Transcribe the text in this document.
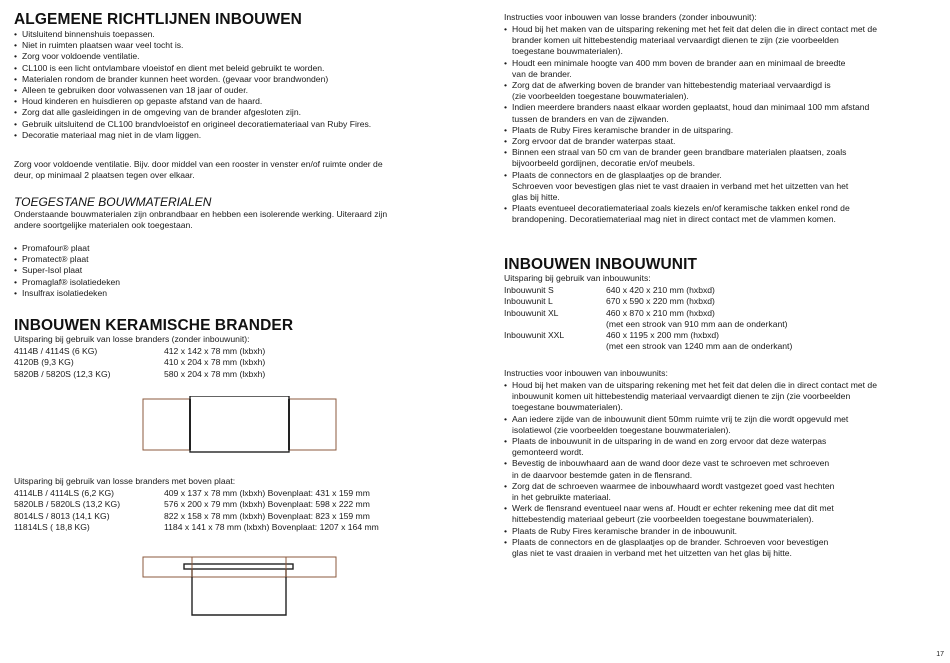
ALGEMENE RICHTLIJNEN INBOUWEN
• Uitsluitend binnenshuis toepassen.
• Niet in ruimten plaatsen waar veel tocht is.
• Zorg voor voldoende ventilatie.
• CL100 is een licht ontvlambare vloeistof en dient met beleid gebruikt te worden.
• Materialen rondom de brander kunnen heet worden. (gevaar voor brandwonden)
• Alleen te gebruiken door volwassenen van 18 jaar of ouder.
• Houd kinderen en huisdieren op gepaste afstand van de haard.
• Zorg dat alle gasleidingen in de omgeving van de brander afgesloten zijn.
• Gebruik uitsluitend de CL100 brandvloeistof en origineel decoratiemateriaal van Ruby Fires.
• Decoratie materiaal mag niet in de vlam liggen.
Zorg voor voldoende ventilatie. Bijv. door middel van een rooster in venster en/of ruimte onder de
deur, op minimaal 2 plaatsen tegen over elkaar.
TOEGESTANE BOUWMATERIALEN
Onderstaande bouwmaterialen zijn onbrandbaar en hebben een isolerende werking. Uiteraard zijn
andere soortgelijke materialen ook toegestaan.
• Promafour® plaat
• Promatect® plaat
• Super-Isol plaat
• Promaglaf® isolatiedeken
• Insulfrax isolatiedeken
INBOUWEN KERAMISCHE BRANDER
Uitsparing bij gebruik van losse branders (zonder inbouwunit):
4114B / 4114S (6 KG)	412 x 142 x 78 mm (lxbxh)
4120B (9,3 KG)	410 x 204 x 78 mm (lxbxh)
5820B / 5820S (12,3 KG)	580 x 204 x 78 mm (lxbxh)
Uitsparing bij gebruik van losse branders met boven plaat:
4114LB / 4114LS (6,2 KG)	409 x 137 x 78 mm (lxbxh) Bovenplaat: 431 x 159 mm
5820LB / 5820LS (13,2 KG)	576 x 200 x 79 mm (lxbxh) Bovenplaat: 598 x 222 mm
8014LS / 8013 (14,1 KG)	822 x 158 x 78 mm (lxbxh) Bovenplaat: 823 x 159 mm
11814LS ( 18,8 KG)	1184 x 141 x 78 mm (lxbxh) Bovenplaat: 1207 x 164 mm
Instructies voor inbouwen van losse branders (zonder inbouwunit):
• Houd bij het maken van de uitsparing rekening met het feit dat delen die in direct contact met de
brander komen uit hittebestendig materiaal vervaardigt dienen te zijn (zie voorbeelden
toegestane bouwmaterialen).
• Houdt een minimale hoogte van 400 mm boven de brander aan en minimaal de breedte
van de brander.
• Zorg dat de afwerking boven de brander van hittebestendig materiaal vervaardigd is
(zie voorbeelden toegestane bouwmaterialen).
• Indien meerdere branders naast elkaar worden geplaatst, houd dan minimaal 100 mm afstand
tussen de branders en van de zijwanden.
• Plaats de Ruby Fires keramische brander in de uitsparing.
• Zorg ervoor dat de brander waterpas staat.
• Binnen een straal van 50 cm van de brander geen brandbare materialen plaatsen, zoals
bijvoorbeeld gordijnen, decoratie en/of meubels.
• Plaats de connectors en de glasplaatjes op de brander.
Schroeven voor bevestigen glas niet te vast draaien in verband met het uitzetten van het
glas bij hitte.
• Plaats eventueel decoratiemateriaal zoals kiezels en/of keramische takken enkel rond de
brandopening. Decoratiemateriaal mag niet in direct contact met de vlammen komen.
INBOUWEN INBOUWUNIT
Uitsparing bij gebruik van inbouwunits:
Inbouwunit S	640 x 420 x 210 mm (hxbxd)
Inbouwunit L	670 x 590 x 220 mm (hxbxd)
Inbouwunit XL	460 x 870 x 210 mm (hxbxd)
	(met een strook van 910 mm aan de onderkant)
Inbouwunit XXL	460 x 1195 x 200 mm (hxbxd)
	(met een strook van 1240 mm aan de onderkant)
Instructies voor inbouwen van inbouwunits:
• Houd bij het maken van de uitsparing rekening met het feit dat delen die in direct contact met de
inbouwunit komen uit hittebestendig materiaal vervaardigt dienen te zijn (zie voorbeelden
toegestane bouwmaterialen).
• Aan iedere zijde van de inbouwunit dient 50mm ruimte vrij te zijn die wordt opgevuld met
isolatiewol (zie voorbeelden toegestane bouwmaterialen).
• Plaats de inbouwunit in de uitsparing in de wand en zorg ervoor dat deze waterpas
gemonteerd wordt.
• Bevestig de inbouwhaard aan de wand door deze vast te schroeven met schroeven
in de daarvoor bestemde gaten in de flensrand.
• Zorg dat de schroeven waarmee de inbouwhaard wordt vastgezet goed vast hechten
in het gebruikte materiaal.
• Werk de flensrand eventueel naar wens af. Houdt er echter rekening mee dat dit met
hittebestendig materiaal gebeurt (zie voorbeelden toegestane bouwmaterialen).
• Plaats de Ruby Fires keramische brander in de inbouwunit.
• Plaats de connectors en de glasplaatjes op de brander. Schroeven voor bevestigen
glas niet te vast draaien in verband met het uitzetten van het glas bij hitte.
17
